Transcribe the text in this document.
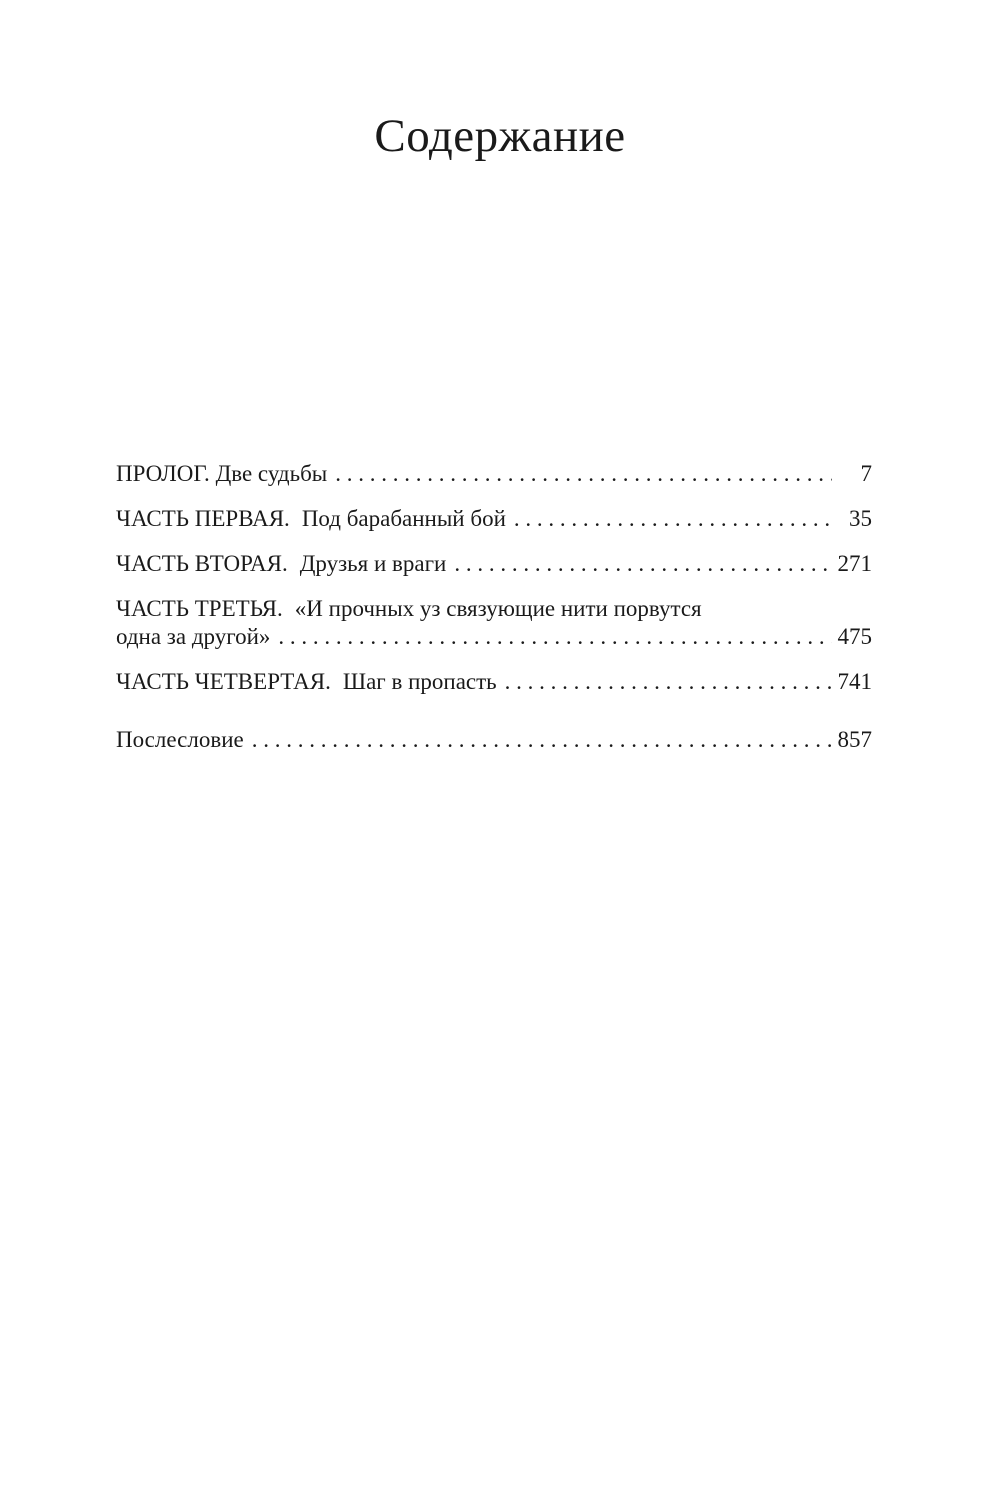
Содержание
ПРОЛОГ. Две судьбы . . .	7
ЧАСТЬ ПЕРВАЯ. Под барабанный бой . . .	35
ЧАСТЬ ВТОРАЯ. Друзья и враги . . .	271
ЧАСТЬ ТРЕТЬЯ. «И прочных уз связующие нити порвутся
одна за другой» . . .	475
ЧАСТЬ ЧЕТВЕРТАЯ. Шаг в пропасть . . .	741
Послесловие . . .	857
